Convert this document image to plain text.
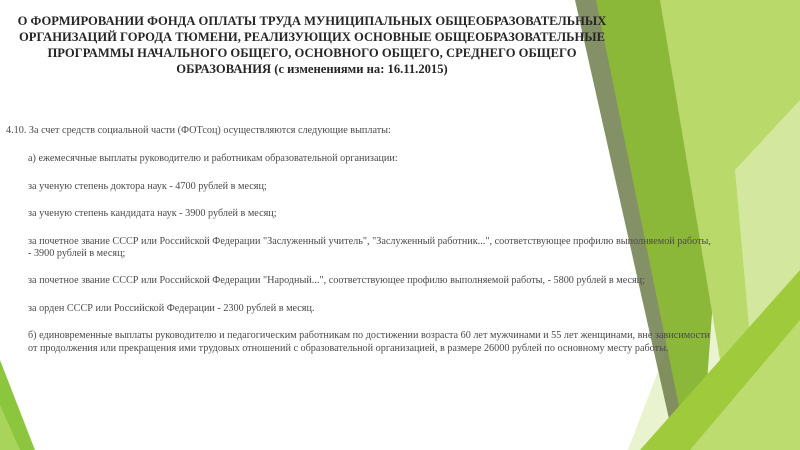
О ФОРМИРОВАНИИ ФОНДА ОПЛАТЫ ТРУДА МУНИЦИПАЛЬНЫХ ОБЩЕОБРАЗОВАТЕЛЬНЫХ ОРГАНИЗАЦИЙ ГОРОДА ТЮМЕНИ, РЕАЛИЗУЮЩИХ ОСНОВНЫЕ ОБЩЕОБРАЗОВАТЕЛЬНЫЕ ПРОГРАММЫ НАЧАЛЬНОГО ОБЩЕГО, ОСНОВНОГО ОБЩЕГО, СРЕДНЕГО ОБЩЕГО ОБРАЗОВАНИЯ (с изменениями на: 16.11.2015)

4.10. За счет средств социальной части (ФОТсоц) осуществляются следующие выплаты:

а) ежемесячные выплаты руководителю и работникам образовательной организации:

за ученую степень доктора наук - 4700 рублей в месяц;

за ученую степень кандидата наук - 3900 рублей в месяц;

за почетное звание СССР или Российской Федерации "Заслуженный учитель", "Заслуженный работник...", соответствующее профилю выполняемой работы, - 3900 рублей в месяц;

за почетное звание СССР или Российской Федерации "Народный...", соответствующее профилю выполняемой работы, - 5800 рублей в месяц;

за орден СССР или Российской Федерации - 2300 рублей в месяц.

б) единовременные выплаты руководителю и педагогическим работникам по достижении возраста 60 лет мужчинами и 55 лет женщинами, вне зависимости от продолжения или прекращения ими трудовых отношений с образовательной организацией, в размере 26000 рублей по основному месту работы.
